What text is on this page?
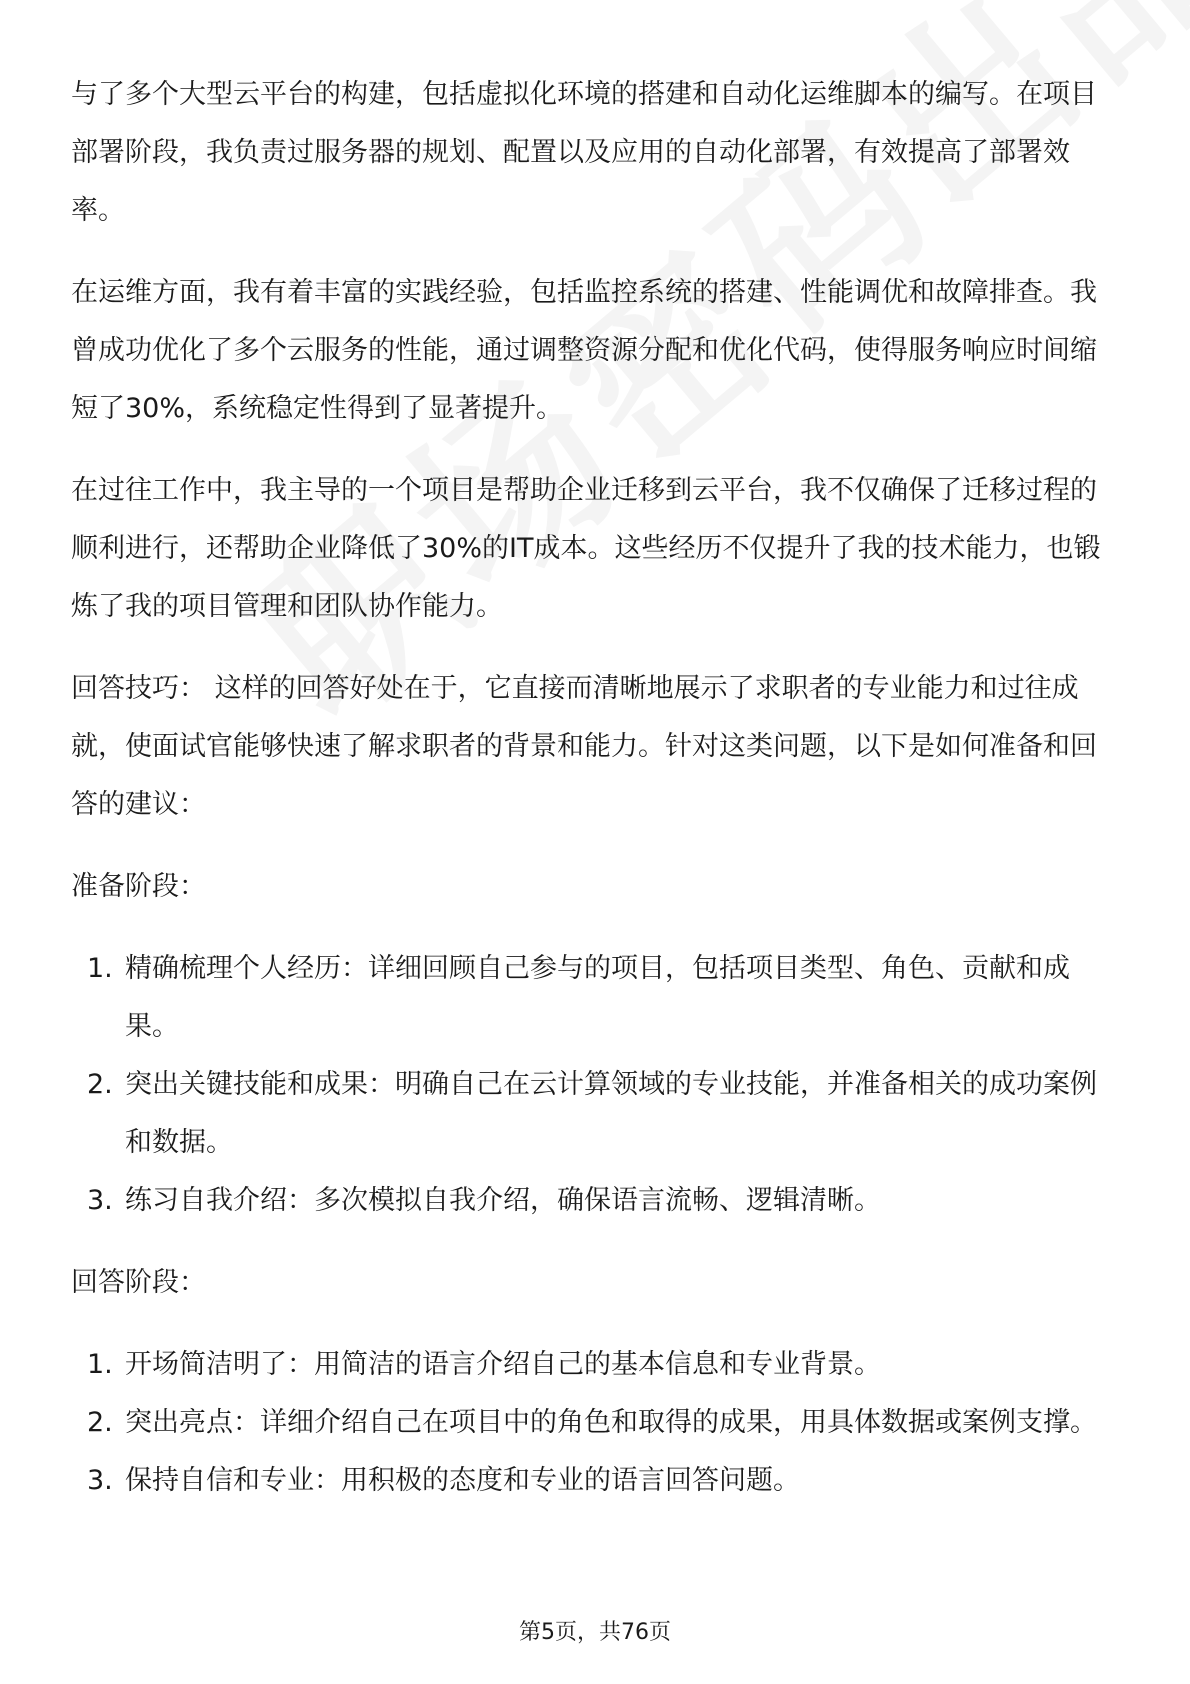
与了多个大型云平台的构建，包括虚拟化环境的搭建和自动化运维脚本的编写。在项目部署阶段，我负责过服务器的规划、配置以及应用的自动化部署，有效提高了部署效率。

在运维方面，我有着丰富的实践经验，包括监控系统的搭建、性能调优和故障排查。我曾成功优化了多个云服务的性能，通过调整资源分配和优化代码，使得服务响应时间缩短了30%，系统稳定性得到了显著提升。

在过往工作中，我主导的一个项目是帮助企业迁移到云平台，我不仅确保了迁移过程的顺利进行，还帮助企业降低了30%的IT成本。这些经历不仅提升了我的技术能力，也锻炼了我的项目管理和团队协作能力。

回答技巧： 这样的回答好处在于，它直接而清晰地展示了求职者的专业能力和过往成就，使面试官能够快速了解求职者的背景和能力。针对这类问题，以下是如何准备和回答的建议：

准备阶段：

1. 精确梳理个人经历：详细回顾自己参与的项目，包括项目类型、角色、贡献和成果。
2. 突出关键技能和成果：明确自己在云计算领域的专业技能，并准备相关的成功案例和数据。
3. 练习自我介绍：多次模拟自我介绍，确保语言流畅、逻辑清晰。

回答阶段：

1. 开场简洁明了：用简洁的语言介绍自己的基本信息和专业背景。
2. 突出亮点：详细介绍自己在项目中的角色和取得的成果，用具体数据或案例支撑。
3. 保持自信和专业：用积极的态度和专业的语言回答问题。
第5页，共76页
